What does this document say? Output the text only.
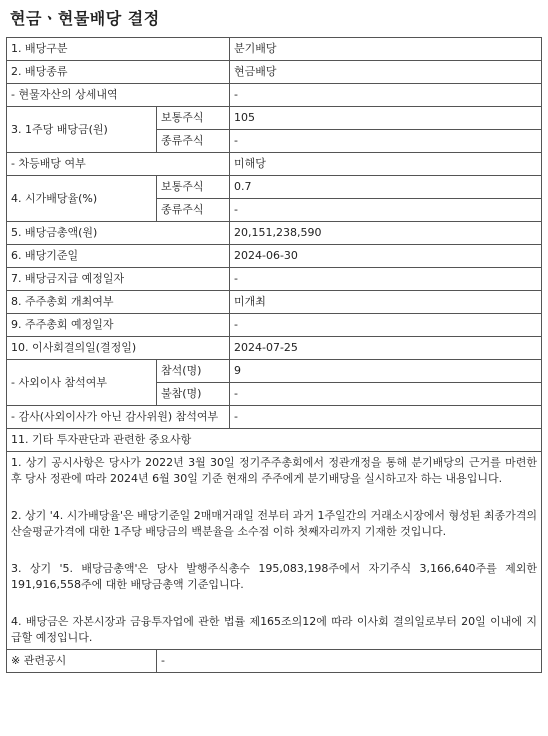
현금ㆍ현물배당 결정
1. 배당구분		분기배당
2. 배당종류		현금배당
- 현물자산의 상세내역		-
3. 1주당 배당금(원)	보통주식	105
	종류주식	-
- 차등배당 여부		미해당
4. 시가배당율(%)	보통주식	0.7
	종류주식	-
5. 배당금총액(원)		20,151,238,590
6. 배당기준일		2024-06-30
7. 배당금지급 예정일자		-
8. 주주총회 개최여부		미개최
9. 주주총회 예정일자		-
10. 이사회결의일(결정일)		2024-07-25
- 사외이사 참석여부	참석(명)	9
	불참(명)	-
- 감사(사외이사가 아닌 감사위원) 참석여부		-
11. 기타 투자판단과 관련한 중요사항		

1. 상기 공시사항은 당사가 2022년 3월 30일 정기주주총회에서 정관개정을 통해 분기배당의 근거를 마련한 후 당사 정관에 따라 2024년 6월 30일 기준 현재의 주주에게 분기배당을 실시하고자 하는 내용입니다.

2. 상기 '4. 시가배당율'은 배당기준일 2매매거래일 전부터 과거 1주일간의 거래소시장에서 형성된 최종가격의 산술평균가격에 대한 1주당 배당금의 백분율을 소수점 이하 첫째자리까지 기재한 것입니다.

3. 상기 '5. 배당금총액'은 당사 발행주식총수 195,083,198주에서 자기주식 3,166,640주를 제외한 191,916,558주에 대한 배당금총액 기준입니다.

4. 배당금은 자본시장과 금융투자업에 관한 법률 제165조의12에 따라 이사회 결의일로부터 20일 이내에 지급할 예정입니다.		

※ 관련공시	-	
